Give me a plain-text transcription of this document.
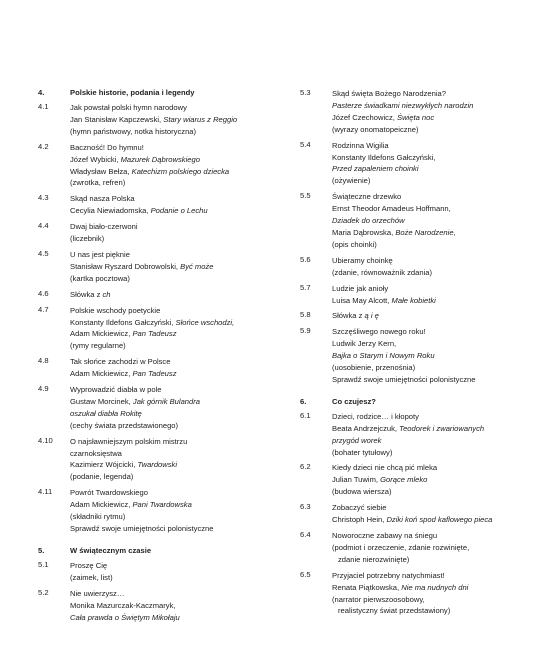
4.	Polskie historie, podania i legendy
4.1	Jak powstał polski hymn narodowy
Jan Stanisław Kapczewski, Stary wiarus z Reggio
(hymn państwowy, notka historyczna)
4.2	Baczność! Do hymnu!
Józef Wybicki, Mazurek Dąbrowskiego
Władysław Bełza, Katechizm polskiego dziecka
(zwrotka, refren)
4.3	Skąd nasza Polska
Cecylia Niewiadomska, Podanie o Lechu
4.4	Dwaj biało-czerwoni
(liczebnik)
4.5	U nas jest pięknie
Stanisław Ryszard Dobrowolski, Być może
(kartka pocztowa)
4.6	Słówka z ch
4.7	Polskie wschody poetyckie
Konstanty Ildefons Gałczyński, Słońce wschodzi,
Adam Mickiewicz, Pan Tadeusz
(rymy regularne)
4.8	Tak słońce zachodzi w Polsce
Adam Mickiewicz, Pan Tadeusz
4.9	Wyprowadzić diabła w pole
Gustaw Morcinek, Jak górnik Bulandra
oszukał diabła Rokitę
(cechy świata przedstawionego)
4.10	O najsławniejszym polskim mistrzu
czarnoksięstwa
Kazimierz Wójcicki, Twardowski
(podanie, legenda)
4.11	Powrót Twardowskiego
Adam Mickiewicz, Pani Twardowska
(składniki rytmu)
Sprawdź swoje umiejętności polonistyczne
5.	W świątecznym czasie
5.1	Proszę Cię
(zaimek, list)
5.2	Nie uwierzysz…
Monika Mazurczak-Kaczmaryk,
Cała prawda o Świętym Mikołaju
5.3	Skąd święta Bożego Narodzenia?
Pasterze świadkami niezwykłych narodzin
Józef Czechowicz, Święta noc
(wyrazy onomatopeiczne)
5.4	Rodzinna Wigilia
Konstanty Ildefons Gałczyński,
Przed zapaleniem choinki
(ożywienie)
5.5	Świąteczne drzewko
Ernst Theodor Amadeus Hoffmann,
Dziadek do orzechów
Maria Dąbrowska, Boże Narodzenie,
(opis choinki)
5.6	Ubieramy choinkę
(zdanie, równoważnik zdania)
5.7	Ludzie jak anioły
Luisa May Alcott, Małe kobietki
5.8	Słówka z ą i ę
5.9	Szczęśliwego nowego roku!
Ludwik Jerzy Kern,
Bajka o Starym i Nowym Roku
(uosobienie, przenośnia)
Sprawdź swoje umiejętności polonistyczne
6.	Co czujesz?
6.1	Dzieci, rodzice… i kłopoty
Beata Andrzejczuk, Teodorek i zwariowanych
przygód worek
(bohater tytułowy)
6.2	Kiedy dzieci nie chcą pić mleka
Julian Tuwim, Gorące mleko
(budowa wiersza)
6.3	Zobaczyć siebie
Christoph Hein, Dziki koń spod kaflowego pieca
6.4	Noworoczne zabawy na śniegu
(podmiot i orzeczenie, zdanie rozwinięte,
zdanie nierozwinięte)
6.5	Przyjaciel potrzebny natychmiast!
Renata Piątkowska, Nie ma nudnych dni
(narrator pierwszoosobowy,
realistyczny świat przedstawiony)
